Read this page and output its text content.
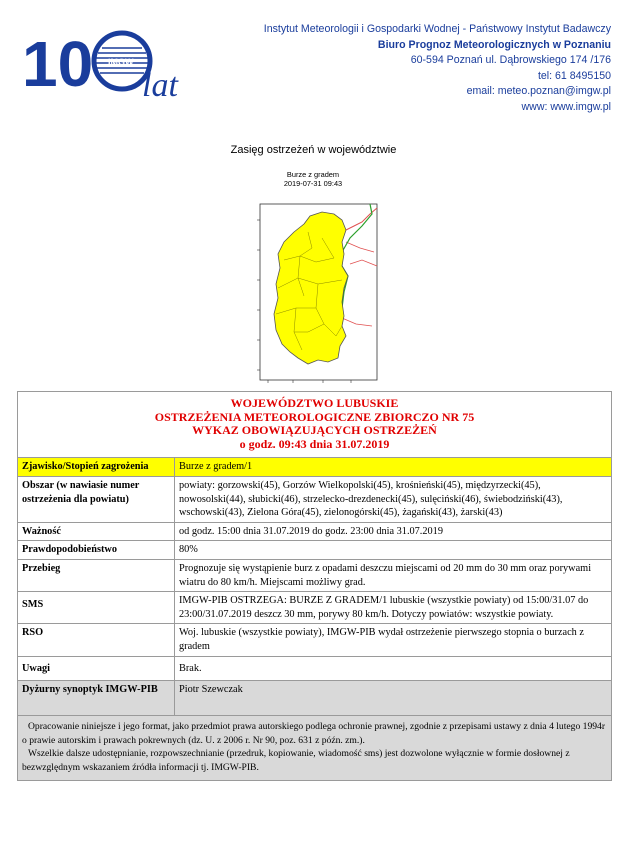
10 IMGW
lat
Instytut Meteorologii i Gospodarki Wodnej - Państwowy Instytut Badawczy
Biuro Prognoz Meteorologicznych w Poznaniu
60-594 Poznań ul. Dąbrowskiego 174 /176
tel: 61 8495150
email: meteo.poznan@imgw.pl
www: www.imgw.pl
Zasięg ostrzeżeń w województwie
Burze z gradem
2019-07-31 09:43
WOJEWÓDZTWO LUBUSKIE
OSTRZEŻENIA METEOROLOGICZNE ZBIORCZO NR 75
WYKAZ OBOWIĄZUJĄCYCH OSTRZEŻEŃ
o godz. 09:43 dnia 31.07.2019	

Zjawisko/Stopień zagrożenia	Burze z gradem/1
Obszar (w nawiasie numer ostrzeżenia dla powiatu)	powiaty: gorzowski(45), Gorzów Wielkopolski(45), krośnieński(45), międzyrzecki(45), nowosolski(44), słubicki(46), strzelecko-drezdenecki(45), sulęciński(46), świebodziński(43), wschowski(43), Zielona Góra(45), zielonogórski(45), żagański(43), żarski(43)
Ważność	od godz. 15:00 dnia 31.07.2019 do godz. 23:00 dnia 31.07.2019
Prawdopodobieństwo	80%
Przebieg	Prognozuje się wystąpienie burz z opadami deszczu miejscami od 20 mm do 30 mm oraz porywami wiatru do 80 km/h. Miejscami możliwy grad.
SMS	IMGW-PIB OSTRZEGA: BURZE Z GRADEM/1 lubuskie (wszystkie powiaty) od 15:00/31.07 do 23:00/31.07.2019 deszcz 30 mm, porywy 80 km/h. Dotyczy powiatów: wszystkie powiaty.
RSO	Woj. lubuskie (wszystkie powiaty), IMGW-PIB wydał ostrzeżenie pierwszego stopnia o burzach z gradem
Uwagi	Brak.
Dyżurny synoptyk IMGW-PIB	Piotr Szewczak

Opracowanie niniejsze i jego format, jako przedmiot prawa autorskiego podlega ochronie prawnej, zgodnie z przepisami ustawy z dnia 4 lutego 1994r o prawie autorskim i prawach pokrewnych (dz. U. z 2006 r. Nr 90, poz. 631 z późn. zm.).
Wszelkie dalsze udostępnianie, rozpowszechnianie (przedruk, kopiowanie, wiadomość sms) jest dozwolone wyłącznie w formie dosłownej z bezwzględnym wskazaniem źródła informacji tj. IMGW-PIB.	
